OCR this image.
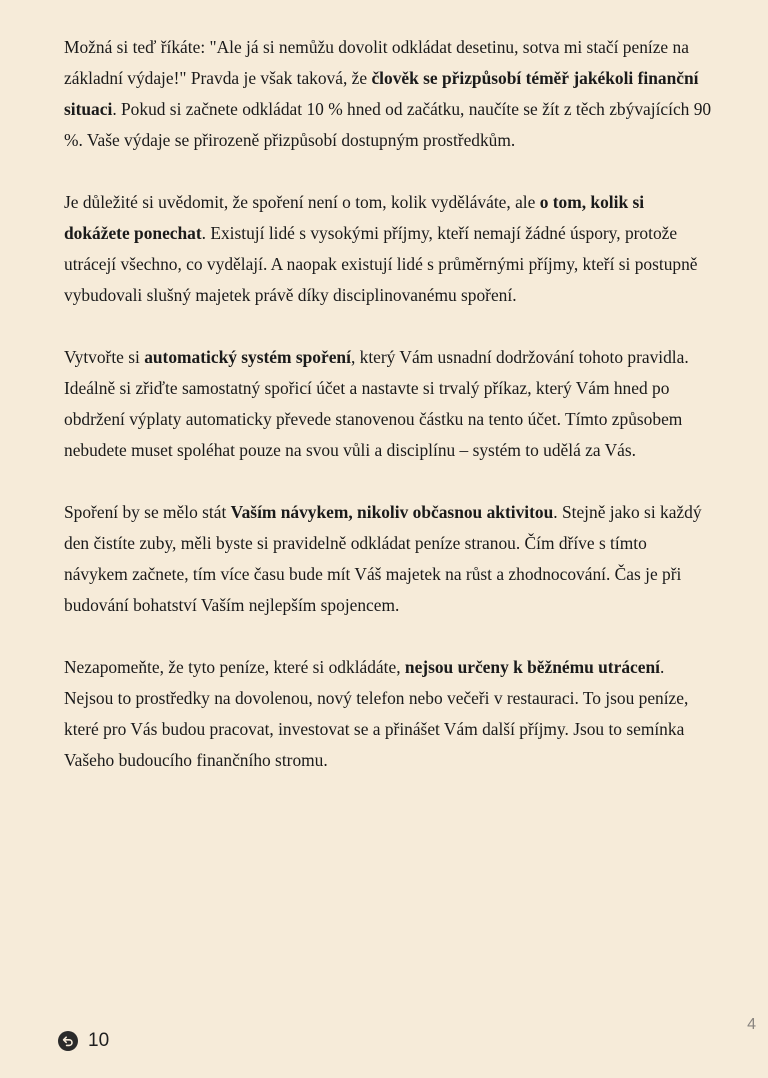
Možná si teď říkáte: "Ale já si nemůžu dovolit odkládat desetinu, sotva mi stačí peníze na základní výdaje!" Pravda je však taková, že člověk se přizpůsobí téměř jakékoli finanční situaci. Pokud si začnete odkládat 10 % hned od začátku, naučíte se žít z těch zbývajících 90 %. Vaše výdaje se přirozeně přizpůsobí dostupným prostředkům.

Je důležité si uvědomit, že spoření není o tom, kolik vyděláváte, ale o tom, kolik si dokážete ponechat. Existují lidé s vysokými příjmy, kteří nemají žádné úspory, protože utrácejí všechno, co vydělají. A naopak existují lidé s průměrnými příjmy, kteří si postupně vybudovali slušný majetek právě díky disciplinovanému spoření.

Vytvořte si automatický systém spoření, který Vám usnadní dodržování tohoto pravidla. Ideálně si zřiďte samostatný spořicí účet a nastavte si trvalý příkaz, který Vám hned po obdržení výplaty automaticky převede stanovenou částku na tento účet. Tímto způsobem nebudete muset spoléhat pouze na svou vůli a disciplínu – systém to udělá za Vás.

Spoření by se mělo stát Vaším návykem, nikoliv občasnou aktivitou. Stejně jako si každý den čistíte zuby, měli byste si pravidelně odkládat peníze stranou. Čím dříve s tímto návykem začnete, tím více času bude mít Váš majetek na růst a zhodnocování. Čas je při budování bohatství Vaším nejlepším spojencem.

Nezapomeňte, že tyto peníze, které si odkládáte, nejsou určeny k běžnému utrácení. Nejsou to prostředky na dovolenou, nový telefon nebo večeři v restauraci. To jsou peníze, které pro Vás budou pracovat, investovat se a přinášet Vám další příjmy. Jsou to semínka Vašeho budoucího finančního stromu.

10
4
